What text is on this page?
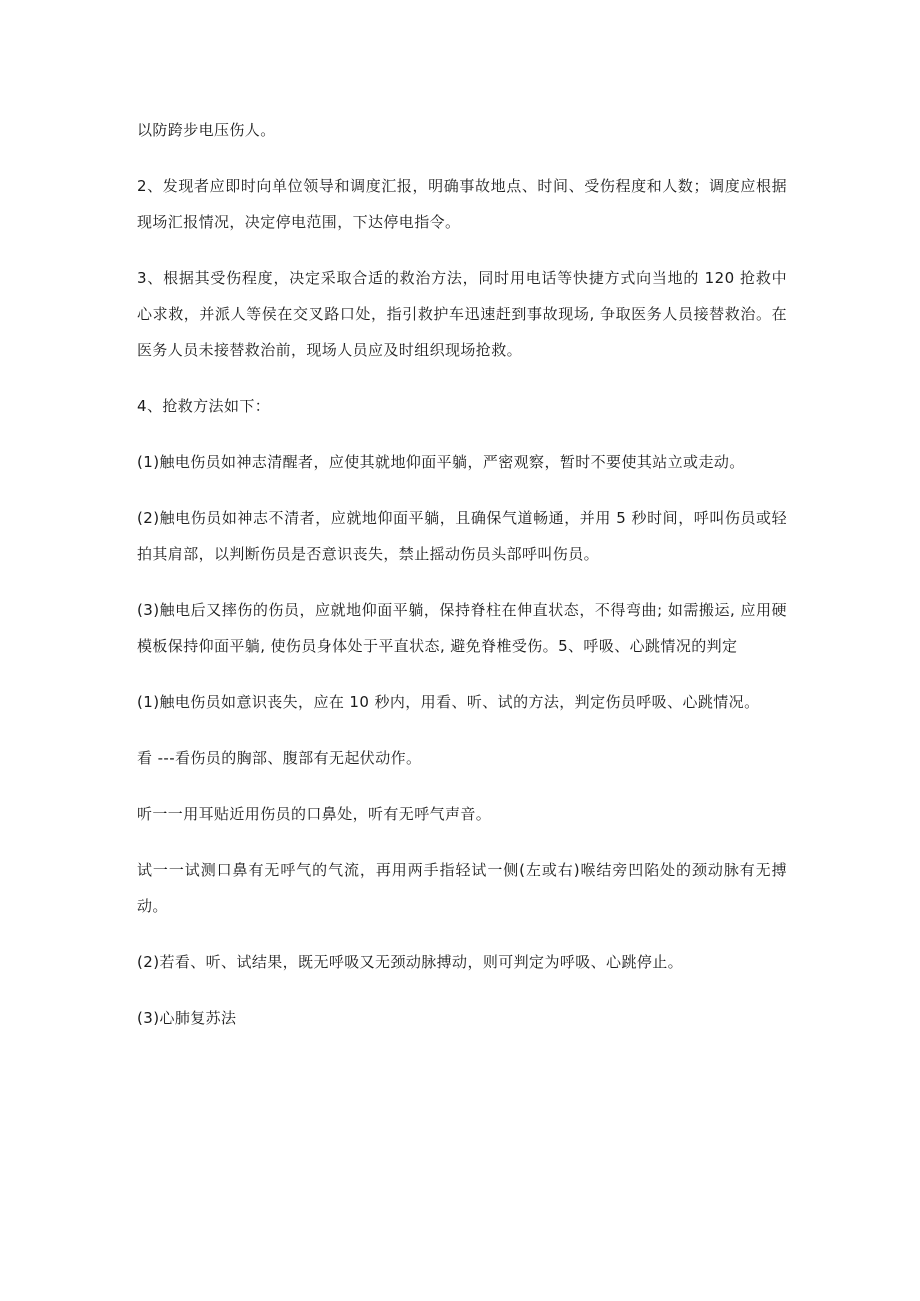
以防跨步电压伤人。

2、发现者应即时向单位领导和调度汇报，明确事故地点、时间、受伤程度和人数；调度应根据现场汇报情况，决定停电范围，下达停电指令。

3、根据其受伤程度，决定采取合适的救治方法，同时用电话等快捷方式向当地的 120 抢救中心求救，并派人等侯在交叉路口处，指引救护车迅速赶到事故现场, 争取医务人员接替救治。在医务人员未接替救治前，现场人员应及时组织现场抢救。

4、抢救方法如下：

(1)触电伤员如神志清醒者，应使其就地仰面平躺，严密观察，暂时不要使其站立或走动。

(2)触电伤员如神志不清者，应就地仰面平躺，且确保气道畅通，并用 5 秒时间，呼叫伤员或轻拍其肩部，以判断伤员是否意识丧失，禁止摇动伤员头部呼叫伤员。

(3)触电后又摔伤的伤员，应就地仰面平躺，保持脊柱在伸直状态，不得弯曲; 如需搬运, 应用硬模板保持仰面平躺, 使伤员身体处于平直状态, 避免脊椎受伤。5、呼吸、心跳情况的判定

(1)触电伤员如意识丧失，应在 10 秒内，用看、听、试的方法，判定伤员呼吸、心跳情况。

看 ---看伤员的胸部、腹部有无起伏动作。

听一一用耳贴近用伤员的口鼻处，听有无呼气声音。

试一一试测口鼻有无呼气的气流，再用两手指轻试一侧(左或右)喉结旁凹陷处的颈动脉有无搏动。

(2)若看、听、试结果，既无呼吸又无颈动脉搏动，则可判定为呼吸、心跳停止。

(3)心肺复苏法
